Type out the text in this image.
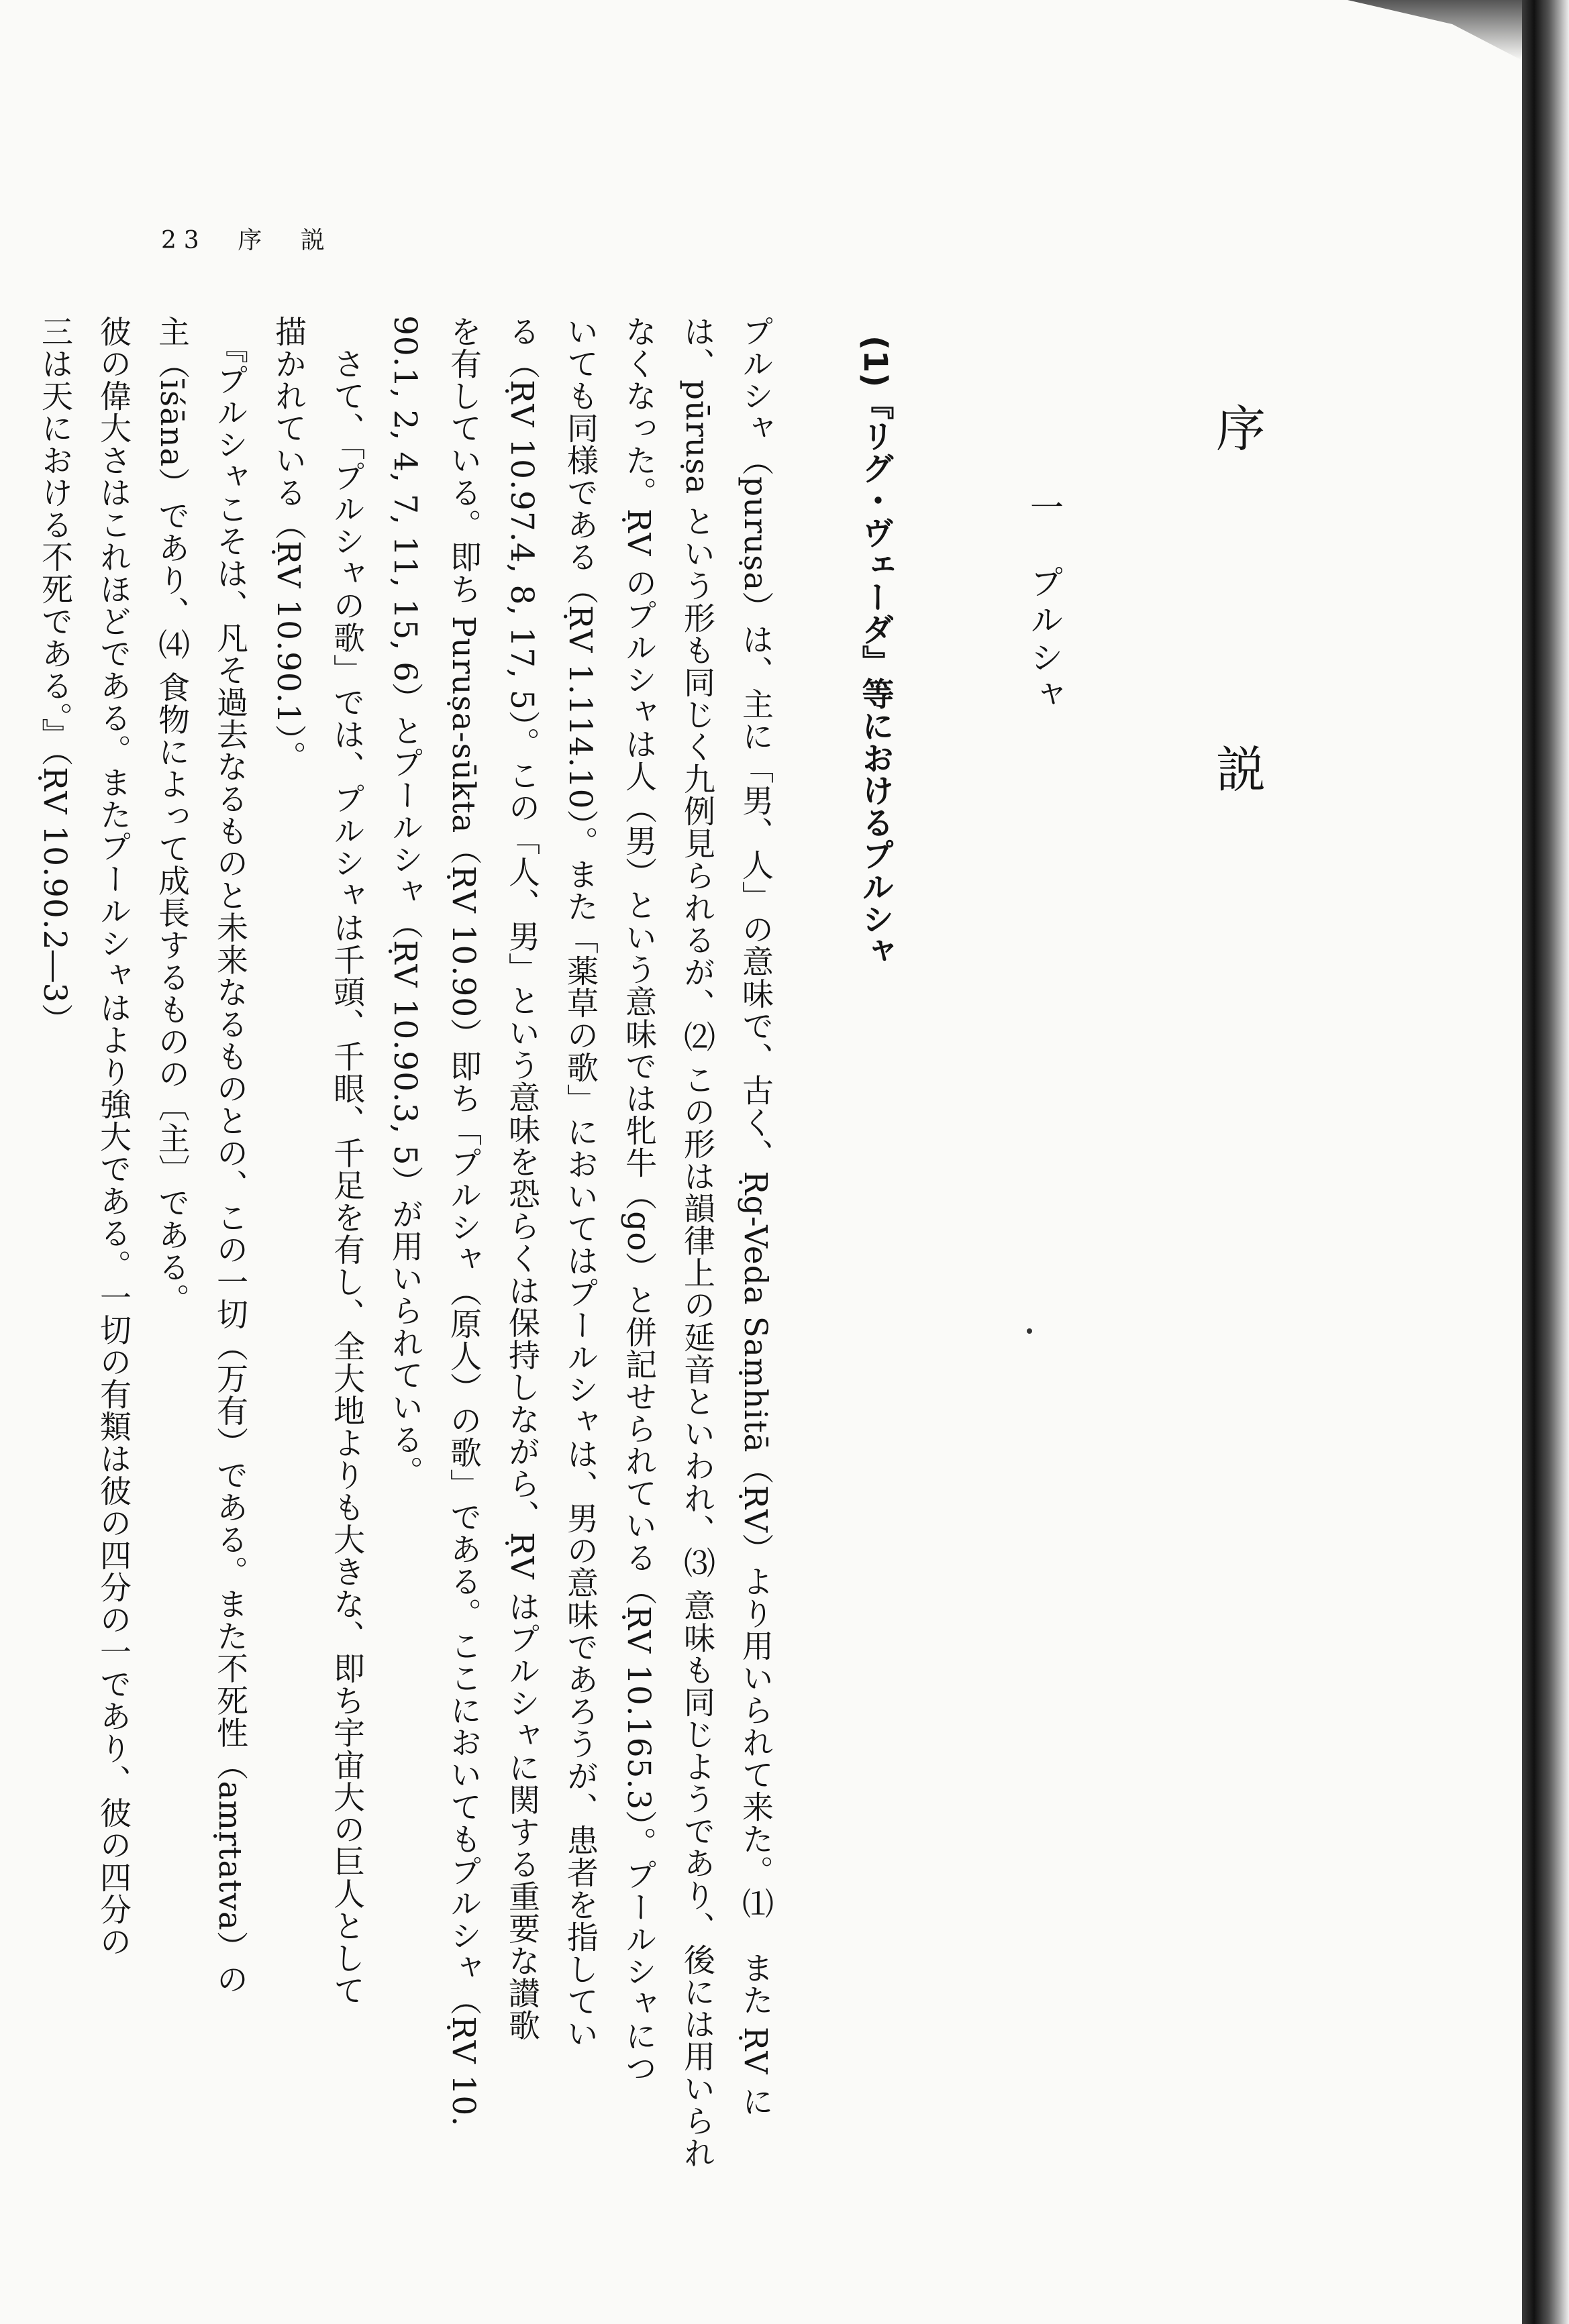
23　序　説
序　説
一　プルシャ
(1)『リグ・ヴェーダ』等におけるプルシャ
プルシャ（puruṣa）は、主に「男、人」の意味で、古く、Ṛg-Veda Saṃhitā（ṚV）より用いられて来た。⑴　また ṚV に
は、pūruṣa という形も同じく九例見られるが、⑵ この形は韻律上の延音といわれ、⑶ 意味も同じようであり、後には用いられ
なくなった。ṚV のプルシャは人（男）という意味では牝牛（go）と併記せられている（ṚV 10.165.3）。プールシャにつ
いても同様である（ṚV 1.114.10）。また「薬草の歌」においてはプールシャは、男の意味であろうが、患者を指してい
る（ṚV 10.97.4, 8, 17, 5）。この「人、男」という意味を恐らくは保持しながら、ṚV はプルシャに関する重要な讃歌
を有している。即ち Puruṣa-sūkta（ṚV 10.90）即ち「プルシャ（原人）の歌」である。ここにおいてもプルシャ（ṚV 10.
90.1, 2, 4, 7, 11, 15, 6）とプールシャ（ṚV 10.90.3, 5）が用いられている。
　さて、「プルシャの歌」では、プルシャは千頭、千眼、千足を有し、全大地よりも大きな、即ち宇宙大の巨人として
描かれている（ṚV 10.90.1）。
　『プルシャこそは、凡そ過去なるものと未来なるものとの、この一切（万有）である。また不死性（amṛtatva）の
主（īśāna）であり、⑷ 食物によって成長するものの〔主〕である。
彼の偉大さはこれほどである。またプールシャはより強大である。一切の有類は彼の四分の一であり、彼の四分の
三は天における不死である。』（ṚV 10.90.2―3）
